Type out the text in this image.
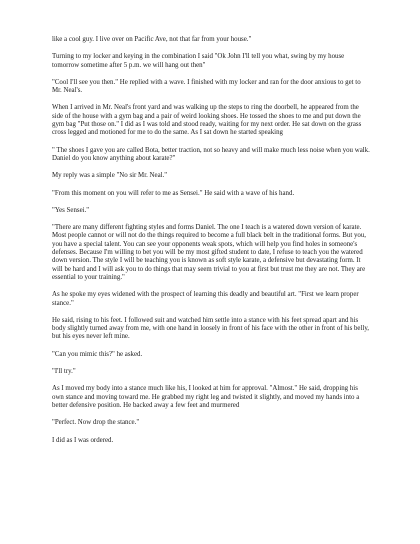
like a cool guy. I live over on Pacific Ave, not that far from your house."

Turning to my locker and keying in the combination I said "Ok John I'll tell you what, swing by my house tomorrow sometime after 5 p.m. we will hang out then"

"Cool I'll see you then." He replied with a wave. I finished with my locker and ran for the door anxious to get to Mr. Neal's.

When I arrived in Mr. Neal's front yard and was walking up the steps to ring the doorbell, he appeared from the side of the house with a gym bag and a pair of weird looking shoes. He tossed the shoes to me and put down the gym bag "Put those on." I did as I was told and stood ready, waiting for my next order. He sat down on the grass cross legged and motioned for me to do the same. As I sat down he started speaking

" The shoes I gave you are called Bota, better traction, not so heavy and will make much less noise when you walk. Daniel do you know anything about karate?"

My reply was a simple "No sir Mr. Neal."

"From this moment on you will refer to me as Sensei." He said with a wave of his hand.

"Yes Sensei."

"There are many different fighting styles and forms Daniel. The one I teach is a watered down version of karate. Most people cannot or will not do the things required to become a full black belt in the traditional forms. But you, you have a special talent. You can see your opponents weak spots, which will help you find holes in someone's defenses. Because I'm willing to bet you will be my most gifted student to date, I refuse to teach you the watered down version. The style I will be teaching you is known as soft style karate, a defensive but devastating form. It will be hard and I will ask you to do things that may seem trivial to you at first but trust me they are not. They are essential to your training."

As he spoke my eyes widened with the prospect of learning this deadly and beautiful art. "First we learn proper stance."

He said, rising to his feet. I followed suit and watched him settle into a stance with his feet spread apart and his body slightly turned away from me, with one hand in loosely in front of his face with the other in front of his belly, but his eyes never left mine.

"Can you mimic this?" he asked.

"I'll try."

As I moved my body into a stance much like his, I looked at him for approval. "Almost." He said, dropping his own stance and moving toward me. He grabbed my right leg and twisted it slightly, and moved my hands into a better defensive position. He backed away a few feet and murmered

"Perfect. Now drop the stance."

I did as I was ordered.
